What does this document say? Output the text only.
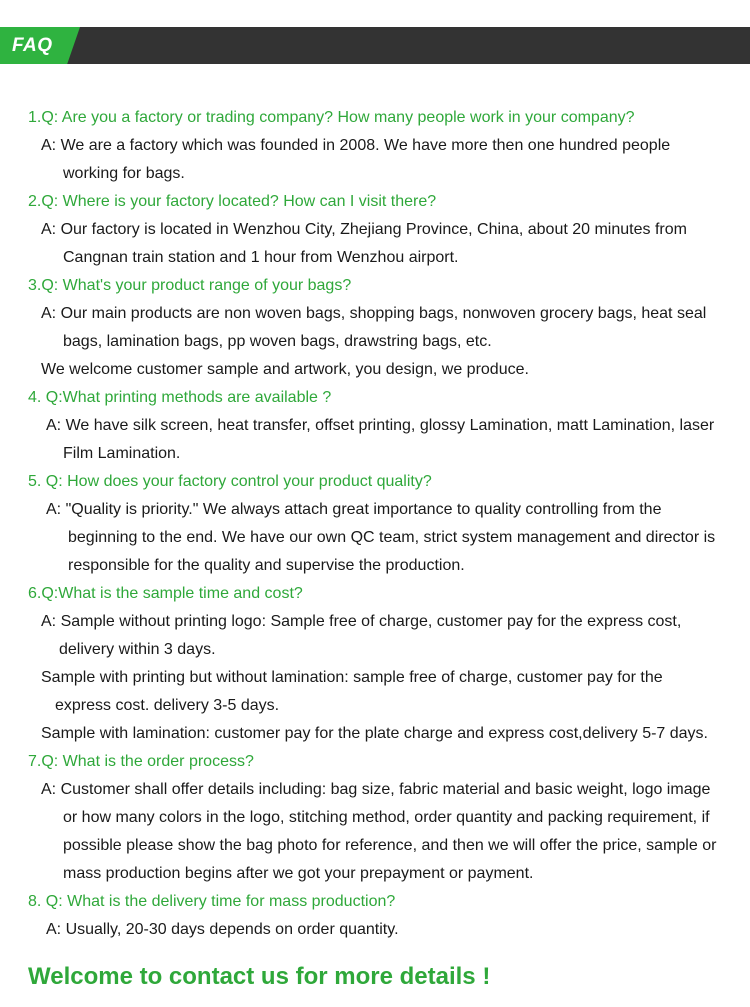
FAQ
1.Q: Are you a factory or trading company? How many people work in your company?
A: We are a factory which was founded in 2008. We have more then one hundred people
working for bags.
2.Q: Where is your factory located? How can I visit there?
A: Our factory is located in Wenzhou City, Zhejiang Province, China, about 20 minutes from
Cangnan train station and 1 hour from Wenzhou airport.
3.Q: What's your product range of your bags?
A: Our main products are non woven bags, shopping bags, nonwoven grocery bags, heat seal
bags, lamination bags, pp woven bags, drawstring bags, etc.
We welcome customer sample and artwork, you design, we produce.
4. Q:What printing methods are available ?
A: We have silk screen, heat transfer, offset printing, glossy Lamination, matt Lamination, laser
Film Lamination.
5. Q: How does your factory control your product quality?
A: "Quality is priority." We always attach great importance to quality controlling from the
beginning to the end. We have our own QC team, strict system management and director is
responsible for the quality and supervise the production.
6.Q:What is the sample time and cost?
A: Sample without printing logo: Sample free of charge, customer pay for the express cost,
delivery within 3 days.
Sample with printing but without lamination: sample free of charge, customer pay for the
express cost. delivery 3-5 days.
Sample with lamination: customer pay for the plate charge and express cost,delivery 5-7 days.
7.Q: What is the order process?
A: Customer shall offer details including: bag size, fabric material and basic weight, logo image
or how many colors in the logo, stitching method, order quantity and packing requirement, if
possible please show the bag photo for reference, and then we will offer the price, sample or
mass production begins after we got your prepayment or payment.
8. Q: What is the delivery time for mass production?
A: Usually, 20-30 days depends on order quantity.
Welcome to contact us for more details !
